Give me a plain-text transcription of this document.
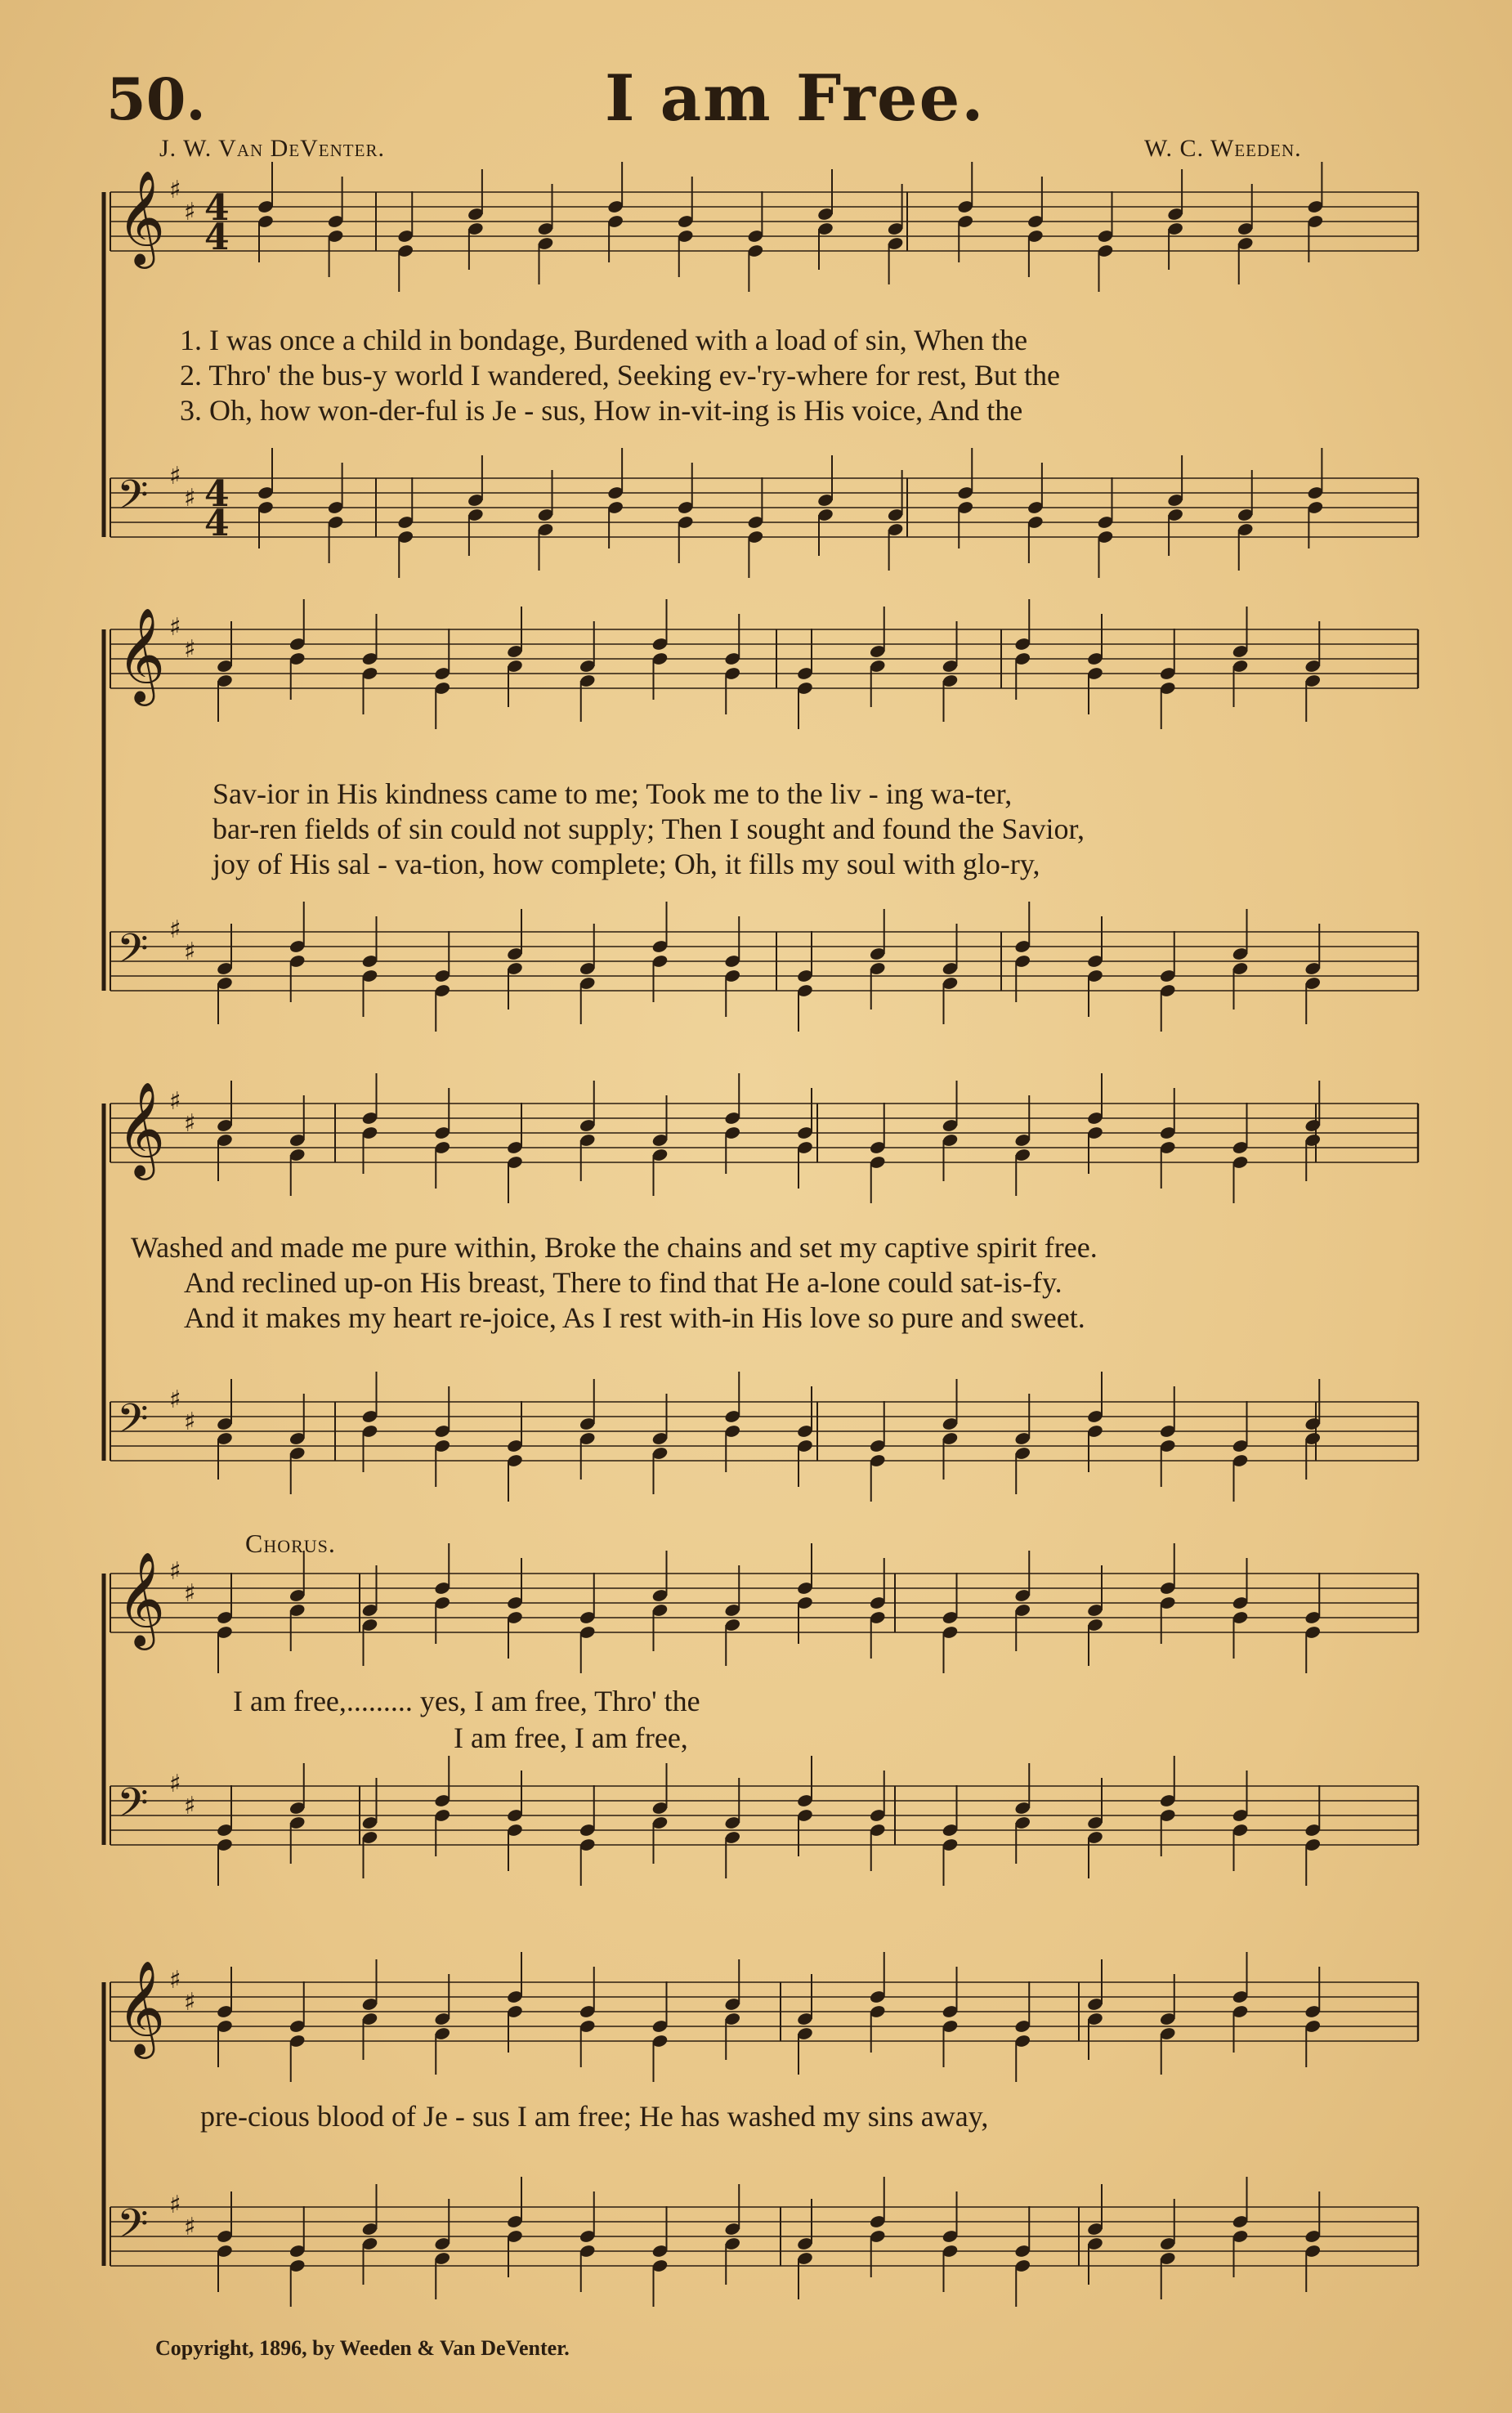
50.	I am Free.
J. W. Van DeVenter.	W. C. Weeden.
𝄞 ♯
♯ 4
4
𝄢 ♯
♯ 4
4
𝄞 ♯
♯
𝄢 ♯
♯
𝄞 ♯
♯
𝄢 ♯
♯
𝄞 ♯
♯
𝄢 ♯
♯
𝄞 ♯
♯
𝄢 ♯
♯
1. I was once a child in bondage, Burdened with a load of sin, When the
2. Thro' the bus-y world I wandered, Seeking ev-'ry-where for rest, But the
3. Oh, how won-der-ful is Je - sus, How in-vit-ing is His voice, And the
Sav-ior in His kindness came to me; Took me to the liv - ing wa-ter,
bar-ren fields of sin could not supply; Then I sought and found the Savior,
joy of His sal - va-tion, how complete; Oh, it fills my soul with glo-ry,
Washed and made me pure within, Broke the chains and set my captive spirit free.
And reclined up-on His breast, There to find that He a-lone could sat-is-fy.
And it makes my heart re-joice, As I rest with-in His love so pure and sweet.
Chorus.
I am free,......... yes, I am free, Thro' the
I am free, I am free,
pre-cious blood of Je - sus I am free; He has washed my sins away,
Copyright, 1896, by Weeden & Van DeVenter.
